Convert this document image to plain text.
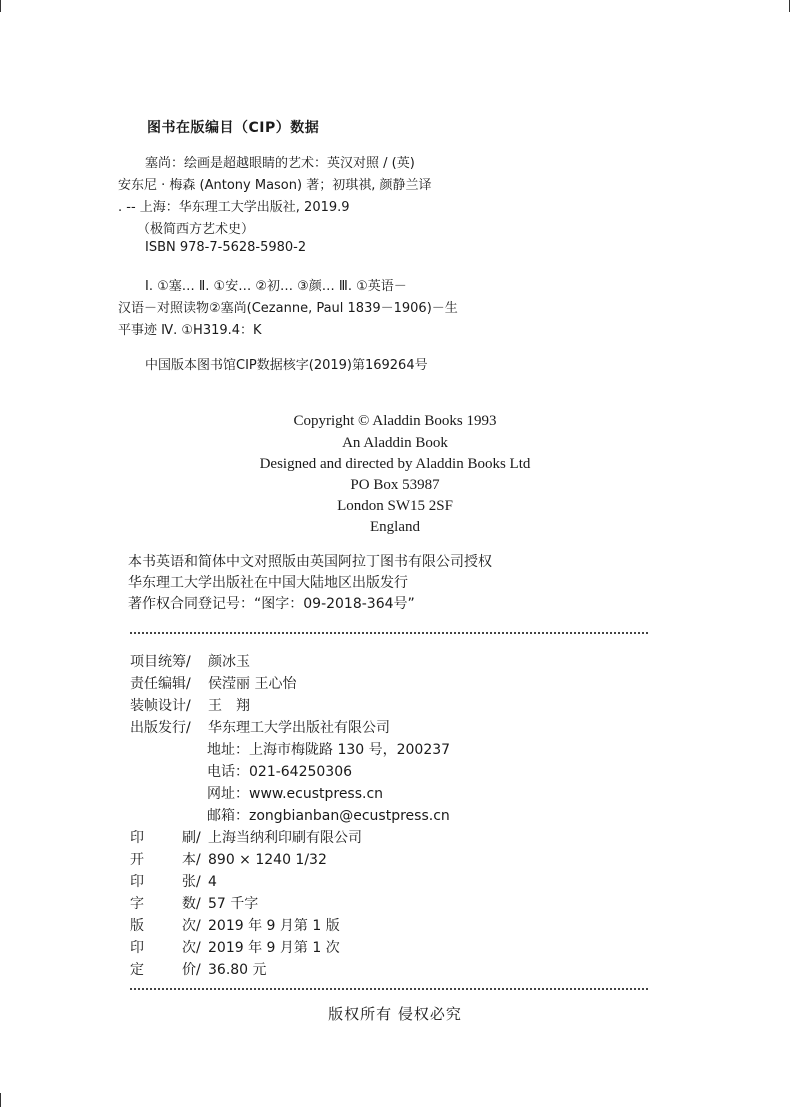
图书在版编目（CIP）数据
塞尚：绘画是超越眼睛的艺术：英汉对照 / (英)
安东尼 · 梅森 (Antony Mason) 著；初琪祺, 颜静兰译
. -- 上海：华东理工大学出版社, 2019.9
（极简西方艺术史）
ISBN 978-7-5628-5980-2
Ⅰ. ①塞… Ⅱ. ①安… ②初… ③颜… Ⅲ. ①英语－
汉语－对照读物②塞尚(Cezanne, Paul 1839－1906)－生
平事迹 Ⅳ. ①H319.4：K
中国版本图书馆CIP数据核字(2019)第169264号
Copyright © Aladdin Books 1993
An Aladdin Book
Designed and directed by Aladdin Books Ltd
PO Box 53987
London SW15 2SF
England
本书英语和简体中文对照版由英国阿拉丁图书有限公司授权
华东理工大学出版社在中国大陆地区出版发行
著作权合同登记号：“图字：09-2018-364号”
项目统筹/ 颜冰玉
责任编辑/ 侯滢丽 王心怡
装帧设计/ 王　翔
出版发行/ 华东理工大学出版社有限公司
地址：上海市梅陇路 130 号，200237
电话：021-64250306
网址：www.ecustpress.cn
邮箱：zongbianban@ecustpress.cn
印	刷 / 上海当纳利印刷有限公司
开	本 / 890 × 1240 1/32
印	张 / 4
字	数 / 57 千字
版	次 / 2019 年 9 月第 1 版
印	次 / 2019 年 9 月第 1 次
定	价 / 36.80 元
版权所有 侵权必究
